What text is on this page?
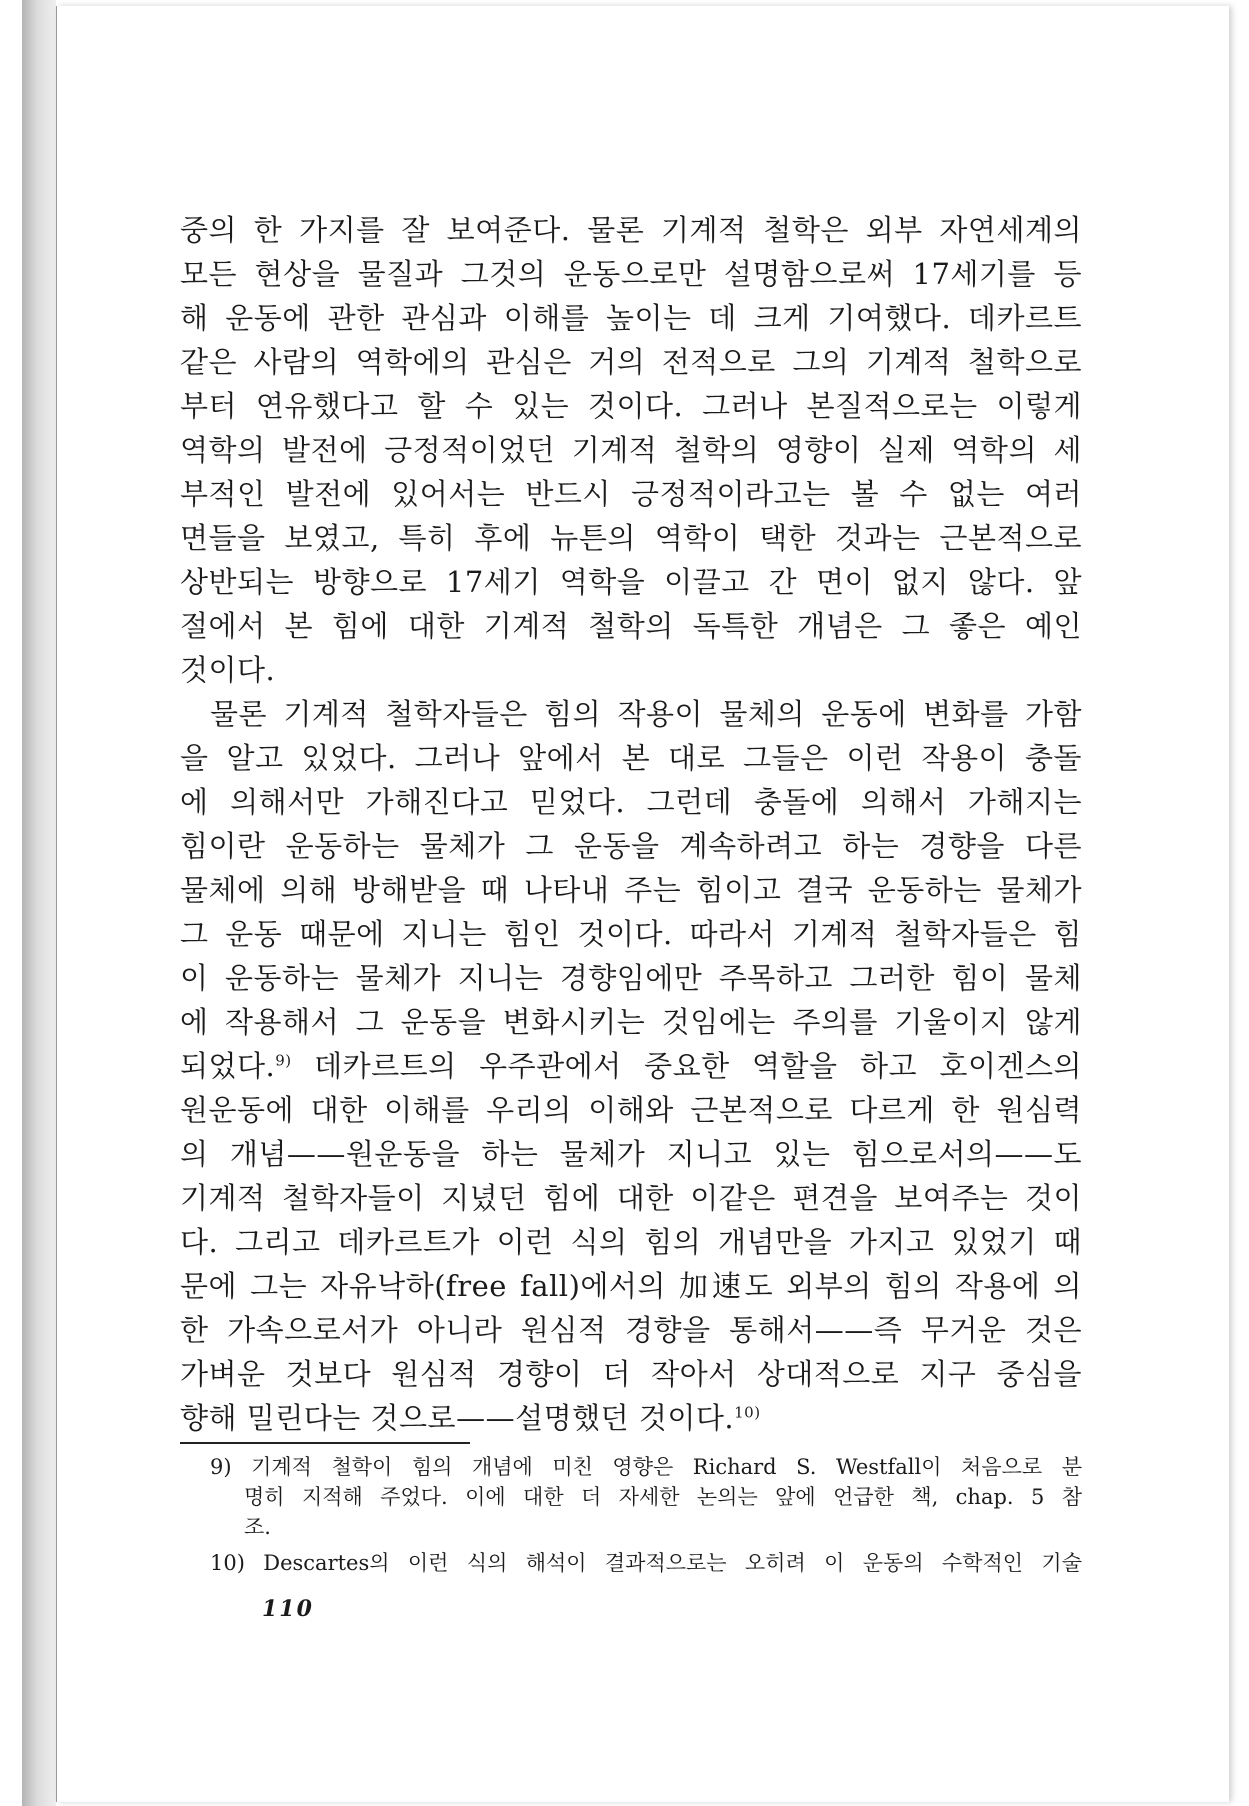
중의 한 가지를 잘 보여준다. 물론 기계적 철학은 외부 자연세계의
모든 현상을 물질과 그것의 운동으로만 설명함으로써 17세기를 등
해 운동에 관한 관심과 이해를 높이는 데 크게 기여했다. 데카르트
같은 사람의 역학에의 관심은 거의 전적으로 그의 기계적 철학으로
부터 연유했다고 할 수 있는 것이다. 그러나 본질적으로는 이렇게
역학의 발전에 긍정적이었던 기계적 철학의 영향이 실제 역학의 세
부적인 발전에 있어서는 반드시 긍정적이라고는 볼 수 없는 여러
면들을 보였고, 특히 후에 뉴튼의 역학이 택한 것과는 근본적으로
상반되는 방향으로 17세기 역학을 이끌고 간 면이 없지 않다. 앞
절에서 본 힘에 대한 기계적 철학의 독특한 개념은 그 좋은 예인
것이다.
물론 기계적 철학자들은 힘의 작용이 물체의 운동에 변화를 가함
을 알고 있었다. 그러나 앞에서 본 대로 그들은 이런 작용이 충돌
에 의해서만 가해진다고 믿었다. 그런데 충돌에 의해서 가해지는
힘이란 운동하는 물체가 그 운동을 계속하려고 하는 경향을 다른
물체에 의해 방해받을 때 나타내 주는 힘이고 결국 운동하는 물체가
그 운동 때문에 지니는 힘인 것이다. 따라서 기계적 철학자들은 힘
이 운동하는 물체가 지니는 경향임에만 주목하고 그러한 힘이 물체
에 작용해서 그 운동을 변화시키는 것임에는 주의를 기울이지 않게
되었다.$^{9)}$ 데카르트의 우주관에서 중요한 역할을 하고 호이겐스의
원운동에 대한 이해를 우리의 이해와 근본적으로 다르게 한 원심력
의 개념——원운동을 하는 물체가 지니고 있는 힘으로서의——도
기계적 철학자들이 지녔던 힘에 대한 이같은 편견을 보여주는 것이
다. 그리고 데카르트가 이런 식의 힘의 개념만을 가지고 있었기 때
문에 그는 자유낙하(free fall)에서의 加速도 외부의 힘의 작용에 의
한 가속으로서가 아니라 원심적 경향을 통해서——즉 무거운 것은
가벼운 것보다 원심적 경향이 더 작아서 상대적으로 지구 중심을
향해 밀린다는 것으로——설명했던 것이다.$^{10)}$
9) 기계적 철학이 힘의 개념에 미친 영향은 Richard S. Westfall이 처음으로 분
명히 지적해 주었다. 이에 대한 더 자세한 논의는 앞에 언급한 책, chap. 5 참
조.
10) Descartes의 이런 식의 해석이 결과적으로는 오히려 이 운동의 수학적인 기술
110
